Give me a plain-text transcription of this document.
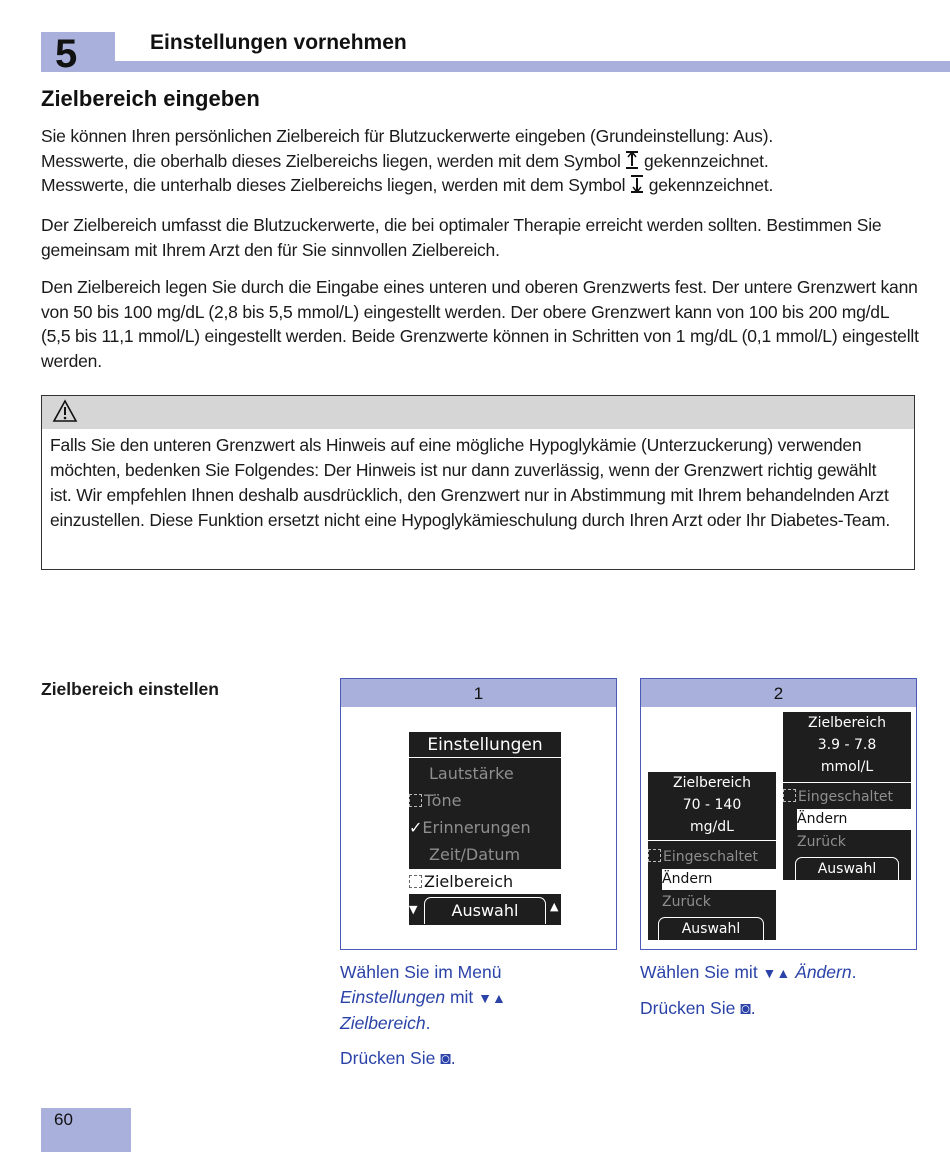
5	Einstellungen vornehmen
Zielbereich eingeben
Sie können Ihren persönlichen Zielbereich für Blutzuckerwerte eingeben (Grundeinstellung: Aus).
Messwerte, die oberhalb dieses Zielbereichs liegen, werden mit dem Symbol  gekennzeichnet.
Messwerte, die unterhalb dieses Zielbereichs liegen, werden mit dem Symbol  gekennzeichnet.

Der Zielbereich umfasst die Blutzuckerwerte, die bei optimaler Therapie erreicht werden sollten. Bestimmen Sie gemeinsam mit Ihrem Arzt den für Sie sinnvollen Zielbereich.

Den Zielbereich legen Sie durch die Eingabe eines unteren und oberen Grenzwerts fest. Der untere Grenzwert kann von 50 bis 100 mg/dL (2,8 bis 5,5 mmol/L) eingestellt werden. Der obere Grenzwert kann von 100 bis 200 mg/dL (5,5 bis 11,1 mmol/L) eingestellt werden. Beide Grenzwerte können in Schritten von 1 mg/dL (0,1 mmol/L) eingestellt werden.

Falls Sie den unteren Grenzwert als Hinweis auf eine mögliche Hypoglykämie (Unterzuckerung) verwenden möchten, bedenken Sie Folgendes: Der Hinweis ist nur dann zuverlässig, wenn der Grenzwert richtig gewählt ist. Wir empfehlen Ihnen deshalb ausdrücklich, den Grenzwert nur in Abstimmung mit Ihrem behandelnden Arzt einzustellen. Diese Funktion ersetzt nicht eine Hypoglykämieschulung durch Ihren Arzt oder Ihr Diabetes-Team.
Zielbereich einstellen	1
Einstellungen
Lautstärke
Töne
✓Erinnerungen
Zeit/Datum
Zielbereich
▼	▲
Auswahl
2
Zielbereich
70 - 140
mg/dL
Eingeschaltet
Ändern
Zurück
Auswahl
Zielbereich
3.9 - 7.8
mmol/L
Eingeschaltet
Ändern
Zurück
Auswahl
Wählen Sie im Menü
Einstellungen mit ▼▲
Zielbereich.
Drücken Sie ◙.
Wählen Sie mit ▼▲ Ändern.
Drücken Sie ◙.
60
